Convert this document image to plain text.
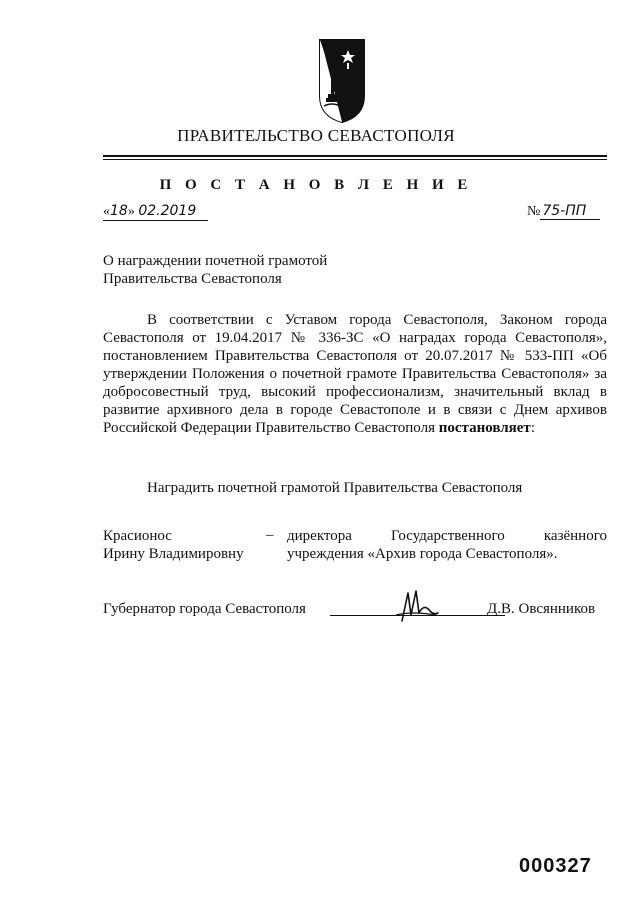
ПРАВИТЕЛЬСТВО СЕВАСТОПОЛЯ
П О С Т А Н О В Л Е Н И Е
«18» 02.2019	№ 75-ПП
О награждении почетной грамотой
Правительства Севастополя
В соответствии с Уставом города Севастополя, Законом города Севастополя от 19.04.2017 № 336-ЗС «О наградах города Севастополя», постановлением Правительства Севастополя от 20.07.2017 № 533-ПП «Об утверждении Положения о почетной грамоте Правительства Севастополя» за добросовестный труд, высокий профессионализм, значительный вклад в развитие архивного дела в городе Севастополе и в связи с Днем архивов Российской Федерации Правительство Севастополя постановляет:
Наградить почетной грамотой Правительства Севастополя
Красионос
Ирину Владимировну
– директора Государственного казённого
учреждения «Архив города Севастополя».
Губернатор города Севастополя	Д.В. Овсянников
000327
